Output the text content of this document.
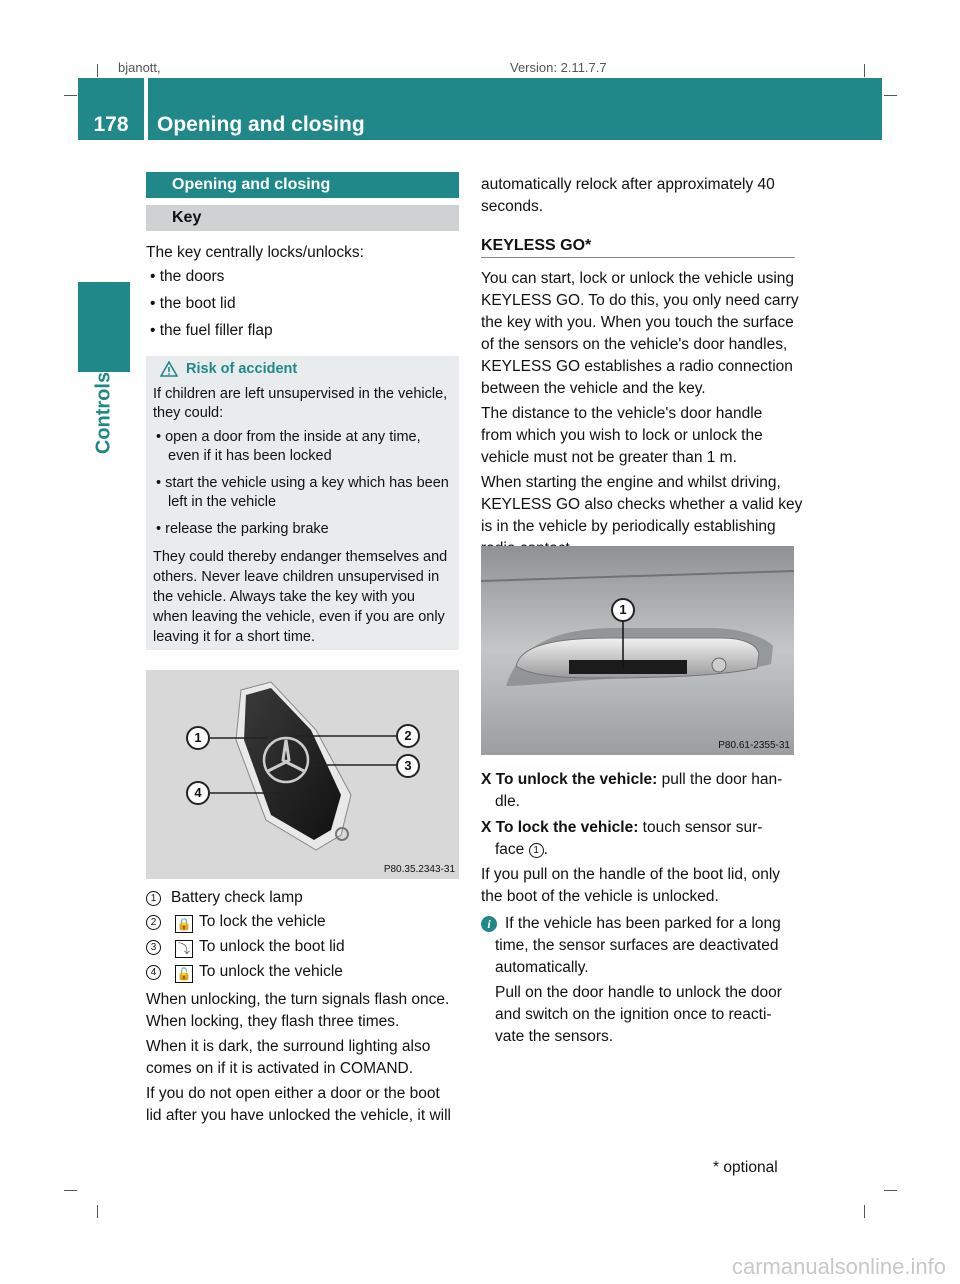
bjanott,	Version: 2.11.7.7
178	Opening and closing
Controls
Opening and closing
Key
The key centrally locks/unlocks:
• the doors
• the boot lid
• the fuel filler flap
Risk of accident
If children are left unsupervised in the vehicle,
they could:
• open a door from the inside at any time,
even if it has been locked
• start the vehicle using a key which has been
left in the vehicle
• release the parking brake
They could thereby endanger themselves and
others. Never leave children unsupervised in
the vehicle. Always take the key with you
when leaving the vehicle, even if you are only
leaving it for a short time.
1	2
3
4
P80.35.2343-31
1 Battery check lamp
2 🔒 To lock the vehicle
3 ⤵ To unlock the boot lid
4 🔓 To unlock the vehicle
When unlocking, the turn signals flash once.
When locking, they flash three times.
When it is dark, the surround lighting also
comes on if it is activated in COMAND.
If you do not open either a door or the boot
lid after you have unlocked the vehicle, it will
automatically relock after approximately 40
seconds.
KEYLESS GO*
You can start, lock or unlock the vehicle using
KEYLESS GO. To do this, you only need carry
the key with you. When you touch the surface
of the sensors on the vehicle's door handles,
KEYLESS GO establishes a radio connection
between the vehicle and the key.
The distance to the vehicle's door handle
from which you wish to lock or unlock the
vehicle must not be greater than 1 m.
When starting the engine and whilst driving,
KEYLESS GO also checks whether a valid key
is in the vehicle by periodically establishing
1
P80.61-2355-31
X To unlock the vehicle: pull the door han-
dle.
X To lock the vehicle: touch sensor sur-
face 1 .
If you pull on the handle of the boot lid, only
the boot of the vehicle is unlocked.
i If the vehicle has been parked for a long
time, the sensor surfaces are deactivated
automatically.
Pull on the door handle to unlock the door
and switch on the ignition once to reacti-
vate the sensors.
* optional
carmanualsonline.info
